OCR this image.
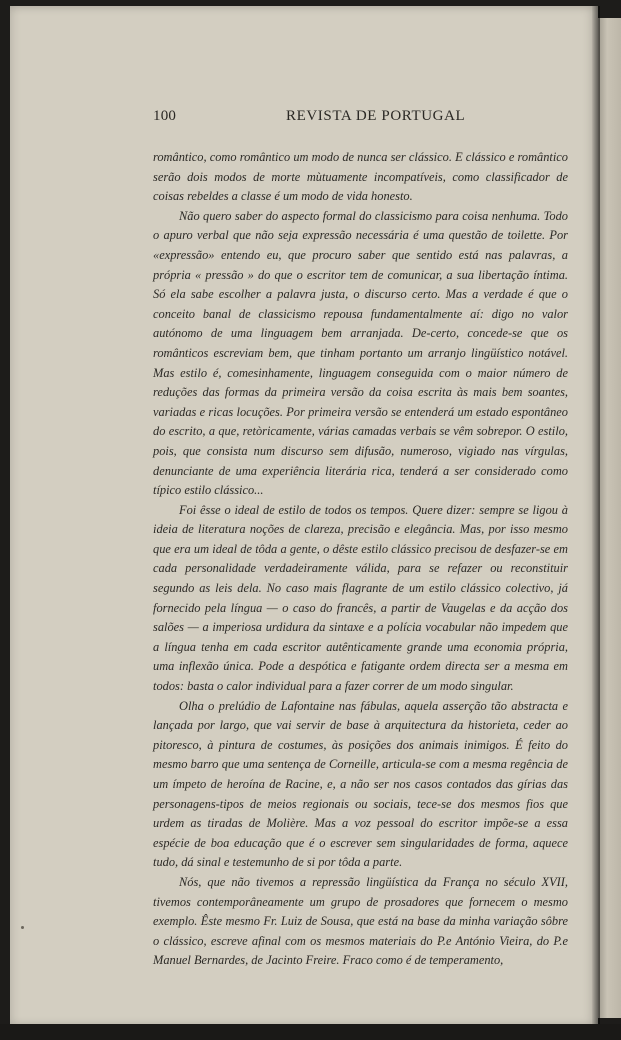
100	REVISTA DE PORTUGAL

romântico, como romântico um modo de nunca ser clássico. E clássico e romântico serão dois modos de morte mùtuamente incompatíveis, como classificador de coisas rebeldes a classe é um modo de vida honesto.

Não quero saber do aspecto formal do classicismo para coisa nenhuma. Todo o apuro verbal que não seja expressão necessária é uma questão de toilette. Por «expressão» entendo eu, que procuro saber que sentido está nas palavras, a própria « pressão » do que o escritor tem de comunicar, a sua libertação íntima. Só ela sabe escolher a palavra justa, o discurso certo. Mas a verdade é que o conceito banal de classicismo repousa fundamentalmente aí: digo no valor autónomo de uma linguagem bem arranjada. De-certo, concede-se que os românticos escreviam bem, que tinham portanto um arranjo lingüístico notável. Mas estilo é, comesinhamente, linguagem conseguida com o maior número de reduções das formas da primeira versão da coisa escrita às mais bem soantes, variadas e ricas locuções. Por primeira versão se entenderá um estado espontâneo do escrito, a que, retòricamente, várias camadas verbais se vêm sobrepor. O estilo, pois, que consista num discurso sem difusão, numeroso, vigiado nas vírgulas, denunciante de uma experiência literária rica, tenderá a ser considerado como típico estilo clássico...

Foi êsse o ideal de estilo de todos os tempos. Quere dizer: sempre se ligou à ideia de literatura noções de clareza, precisão e elegância. Mas, por isso mesmo que era um ideal de tôda a gente, o dêste estilo clássico precisou de desfazer-se em cada personalidade verdadeiramente válida, para se refazer ou reconstituir segundo as leis dela. No caso mais flagrante de um estilo clássico colectivo, já fornecido pela língua — o caso do francês, a partir de Vaugelas e da acção dos salões — a imperiosa urdidura da sintaxe e a polícia vocabular não impedem que a língua tenha em cada escritor autênticamente grande uma economia própria, uma inflexão única. Pode a despótica e fatigante ordem directa ser a mesma em todos: basta o calor individual para a fazer correr de um modo singular.

Olha o prelúdio de Lafontaine nas fábulas, aquela asserção tão abstracta e lançada por largo, que vai servir de base à arquitectura da historieta, ceder ao pitoresco, à pintura de costumes, às posições dos animais inimigos. É feito do mesmo barro que uma sentença de Corneille, articula-se com a mesma regência de um ímpeto de heroína de Racine, e, a não ser nos casos contados das gírias das personagens-tipos de meios regionais ou sociais, tece-se dos mesmos fios que urdem as tiradas de Molière. Mas a voz pessoal do escritor impõe-se a essa espécie de boa educação que é o escrever sem singularidades de forma, aquece tudo, dá sinal e testemunho de si por tôda a parte.

Nós, que não tivemos a repressão lingüística da França no século XVII, tivemos contemporâneamente um grupo de prosadores que fornecem o mesmo exemplo. Êste mesmo Fr. Luiz de Sousa, que está na base da minha variação sôbre o clássico, escreve afinal com os mesmos materiais do P.e António Vieira, do P.e Manuel Bernardes, de Jacinto Freire. Fraco como é de temperamento,
